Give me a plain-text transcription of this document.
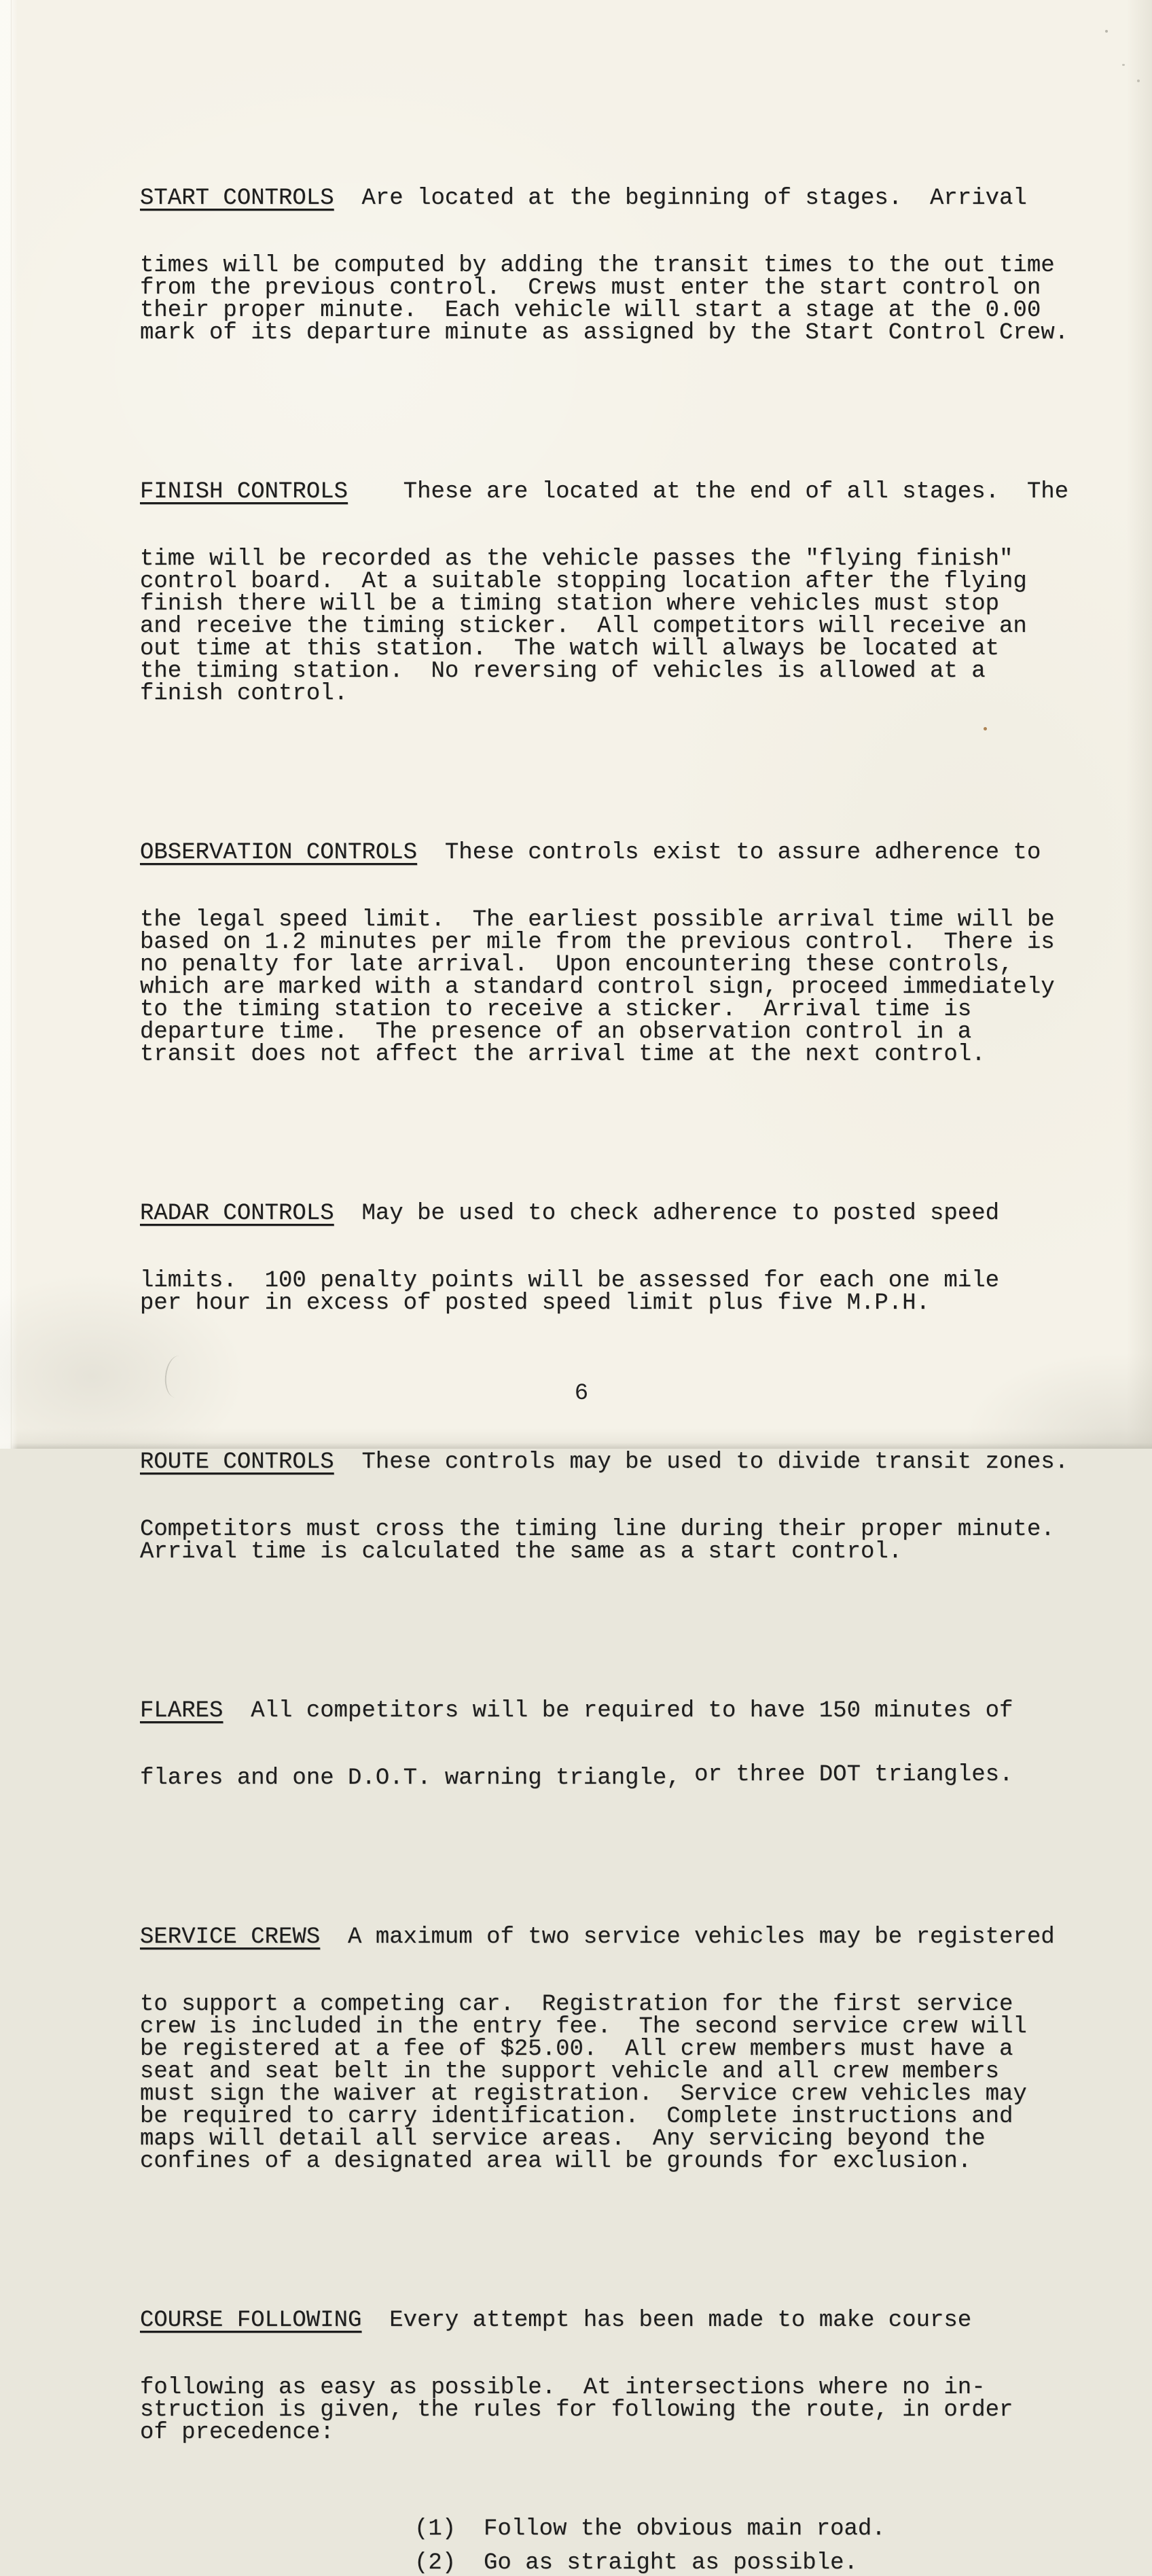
START CONTROLS  Are located at the beginning of stages.  Arrival

times will be computed by adding the transit times to the out time
from the previous control.  Crews must enter the start control on
their proper minute.  Each vehicle will start a stage at the 0.00
mark of its departure minute as assigned by the Start Control Crew.

FINISH CONTROLS    These are located at the end of all stages.  The

time will be recorded as the vehicle passes the "flying finish"
control board.  At a suitable stopping location after the flying
finish there will be a timing station where vehicles must stop
and receive the timing sticker.  All competitors will receive an
out time at this station.  The watch will always be located at
the timing station.  No reversing of vehicles is allowed at a
finish control.

OBSERVATION CONTROLS  These controls exist to assure adherence to

the legal speed limit.  The earliest possible arrival time will be
based on 1.2 minutes per mile from the previous control.  There is
no penalty for late arrival.  Upon encountering these controls,
which are marked with a standard control sign, proceed immediately
to the timing station to receive a sticker.  Arrival time is
departure time.  The presence of an observation control in a
transit does not affect the arrival time at the next control.

RADAR CONTROLS  May be used to check adherence to posted speed

limits.  100 penalty points will be assessed for each one mile
per hour in excess of posted speed limit plus five M.P.H.

ROUTE CONTROLS  These controls may be used to divide transit zones.

Competitors must cross the timing line during their proper minute.
Arrival time is calculated the same as a start control.

FLARES  All competitors will be required to have 150 minutes of

flares and one D.O.T. warning triangle, or three DOT triangles.

SERVICE CREWS  A maximum of two service vehicles may be registered

to support a competing car.  Registration for the first service
crew is included in the entry fee.  The second service crew will
be registered at a fee of $25.00.  All crew members must have a
seat and seat belt in the support vehicle and all crew members
must sign the waiver at registration.  Service crew vehicles may
be required to carry identification.  Complete instructions and
maps will detail all service areas.  Any servicing beyond the
confines of a designated area will be grounds for exclusion.

COURSE FOLLOWING  Every attempt has been made to make course

following as easy as possible.  At intersections where no in-
struction is given, the rules for following the route, in order
of precedence:

(1)  Follow the obvious main road.
(2)  Go as straight as possible.
6
